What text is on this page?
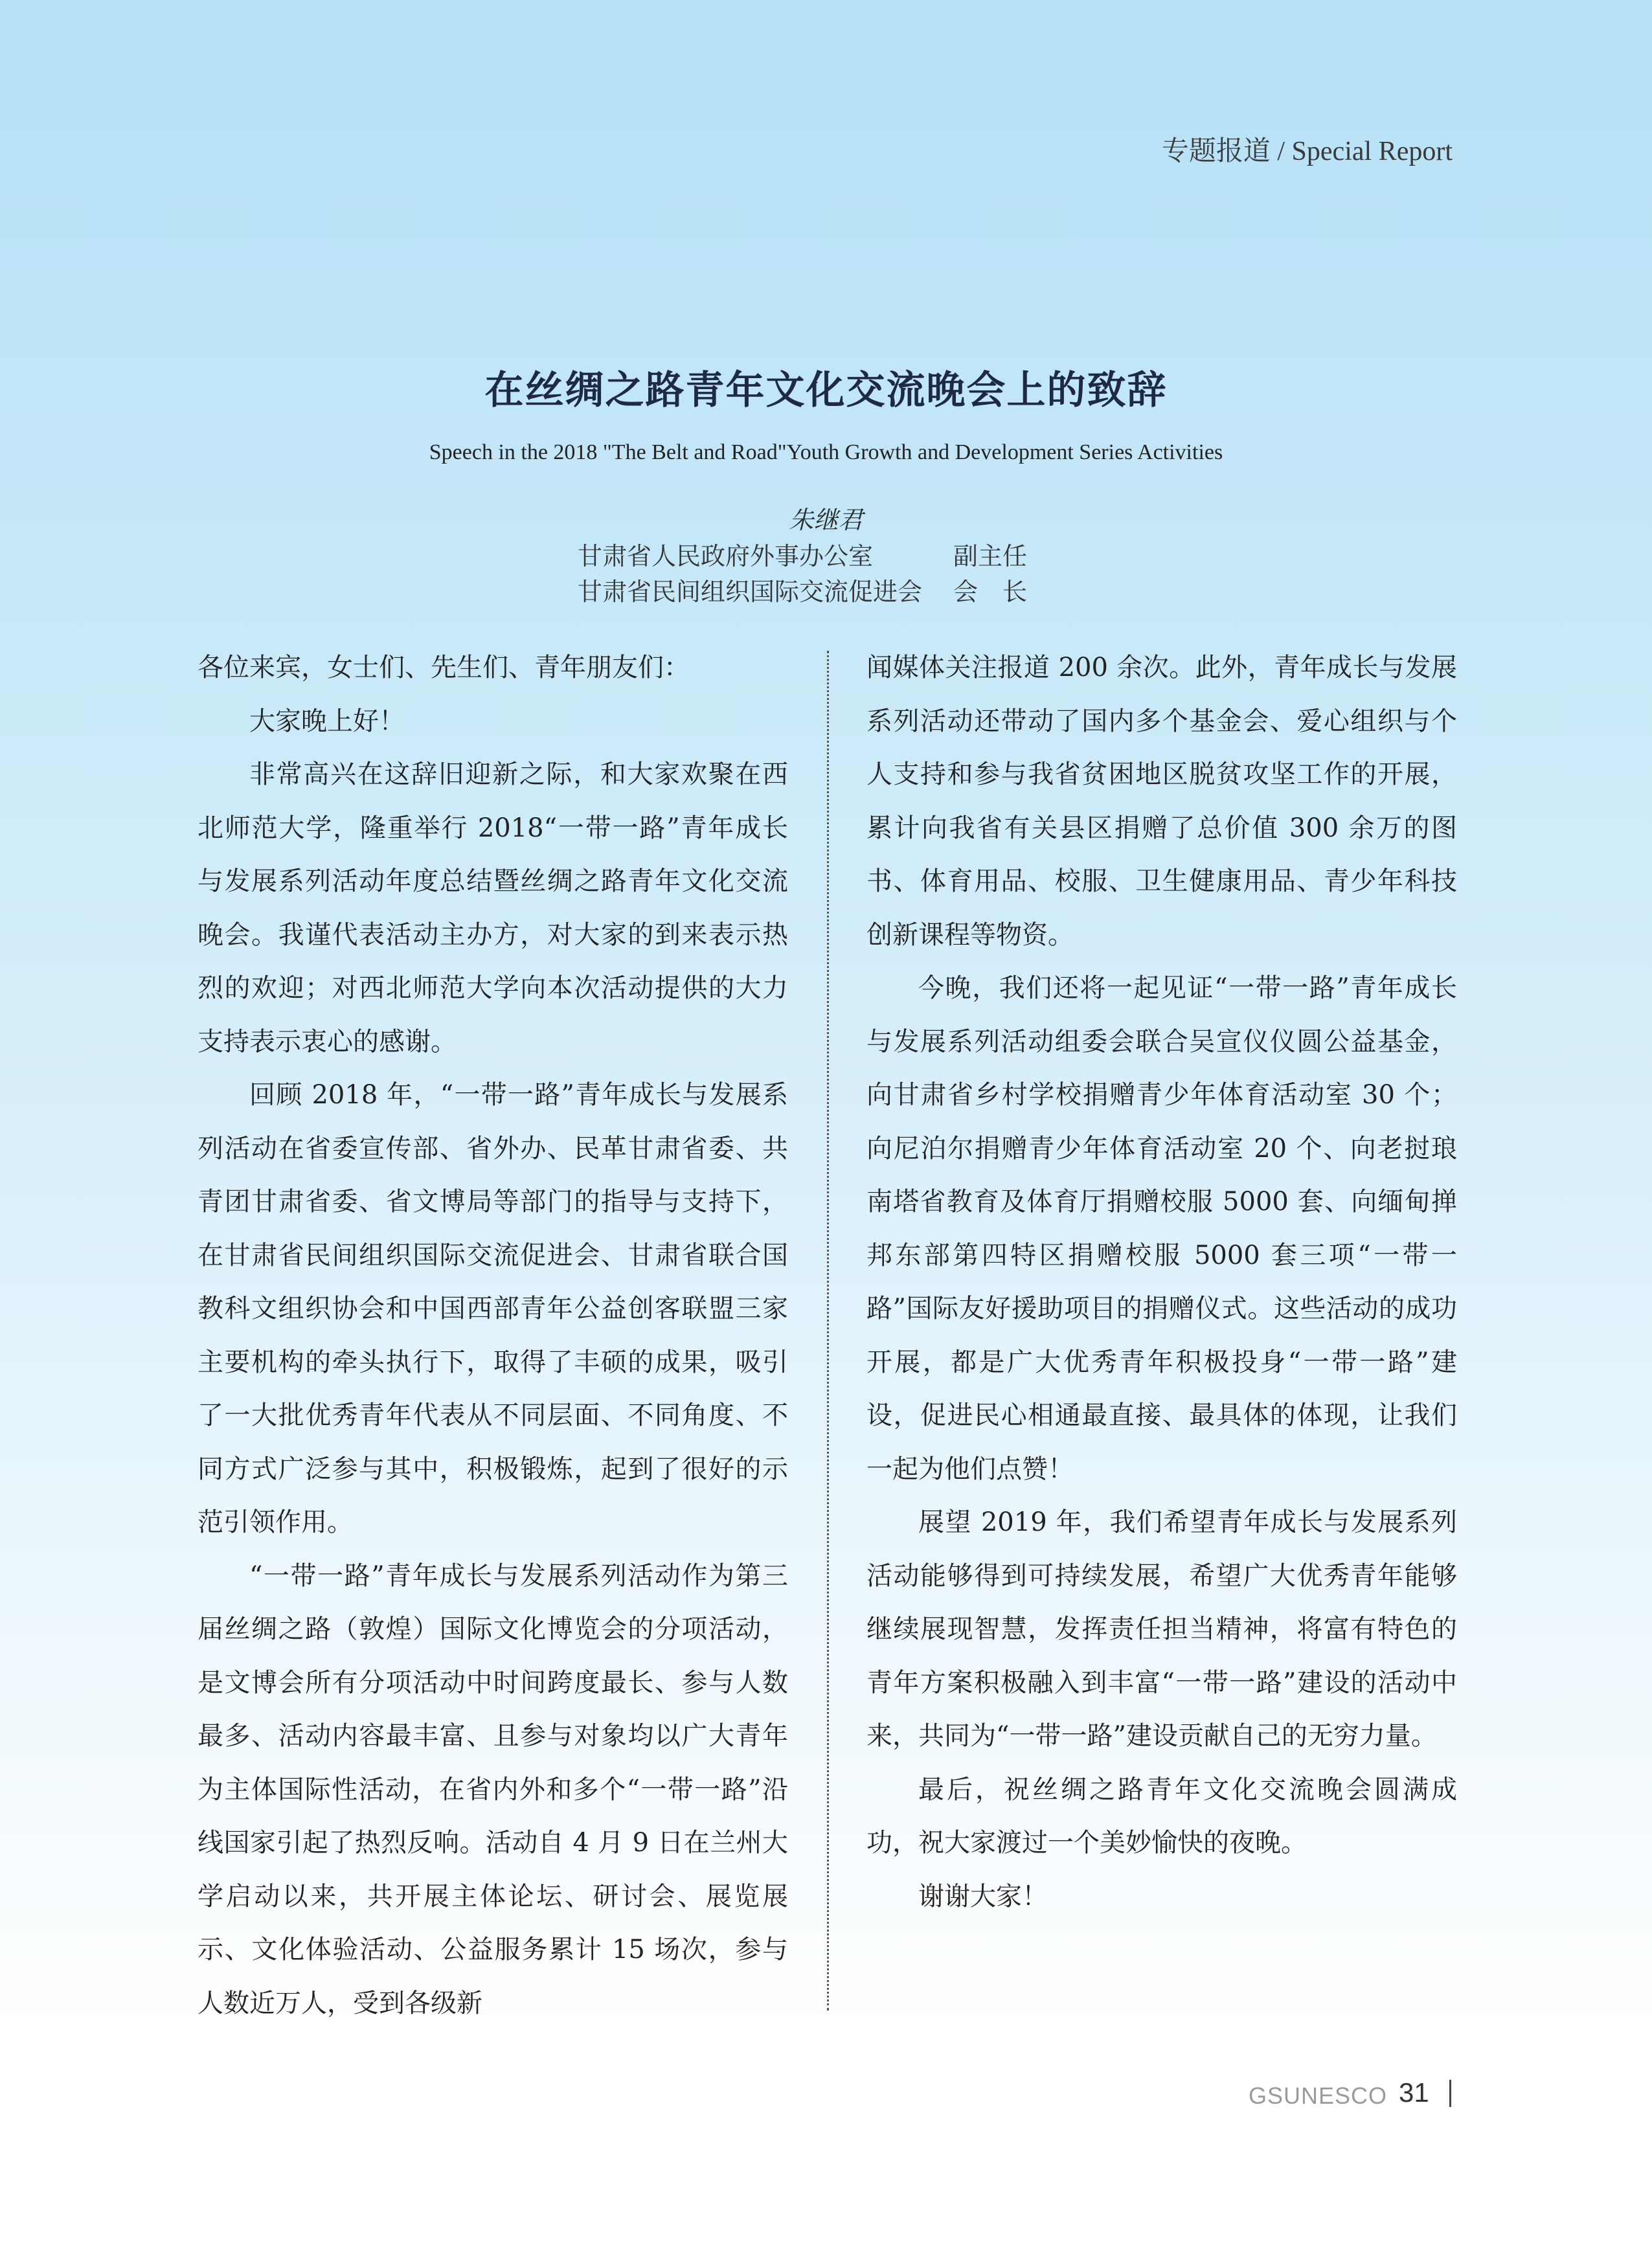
专题报道 / Special Report
在丝绸之路青年文化交流晚会上的致辞
Speech in the 2018 "The Belt and Road"Youth Growth and Development Series Activities
朱继君
甘肃省人民政府外事办公室	副主任
甘肃省民间组织国际交流促进会 会　长

各位来宾，女士们、先生们、青年朋友们：

大家晚上好！

非常高兴在这辞旧迎新之际，和大家欢聚在西北师范大学，隆重举行 2018“一带一路”青年成长与发展系列活动年度总结暨丝绸之路青年文化交流晚会。我谨代表活动主办方，对大家的到来表示热烈的欢迎；对西北师范大学向本次活动提供的大力支持表示衷心的感谢。

回顾 2018 年，“一带一路”青年成长与发展系列活动在省委宣传部、省外办、民革甘肃省委、共青团甘肃省委、省文博局等部门的指导与支持下，在甘肃省民间组织国际交流促进会、甘肃省联合国教科文组织协会和中国西部青年公益创客联盟三家主要机构的牵头执行下，取得了丰硕的成果，吸引了一大批优秀青年代表从不同层面、不同角度、不同方式广泛参与其中，积极锻炼，起到了很好的示范引领作用。

“一带一路”青年成长与发展系列活动作为第三届丝绸之路（敦煌）国际文化博览会的分项活动，是文博会所有分项活动中时间跨度最长、参与人数最多、活动内容最丰富、且参与对象均以广大青年为主体国际性活动，在省内外和多个“一带一路”沿线国家引起了热烈反响。活动自 4 月 9 日在兰州大学启动以来，共开展主体论坛、研讨会、展览展示、文化体验活动、公益服务累计 15 场次，参与人数近万人，受到各级新

闻媒体关注报道 200 余次。此外，青年成长与发展系列活动还带动了国内多个基金会、爱心组织与个人支持和参与我省贫困地区脱贫攻坚工作的开展，累计向我省有关县区捐赠了总价值 300 余万的图书、体育用品、校服、卫生健康用品、青少年科技创新课程等物资。

今晚，我们还将一起见证“一带一路”青年成长与发展系列活动组委会联合吴宣仪仪圆公益基金，向甘肃省乡村学校捐赠青少年体育活动室 30 个；向尼泊尔捐赠青少年体育活动室 20 个、向老挝琅南塔省教育及体育厅捐赠校服 5000 套、向缅甸掸邦东部第四特区捐赠校服 5000 套三项“一带一路”国际友好援助项目的捐赠仪式。这些活动的成功开展，都是广大优秀青年积极投身“一带一路”建设，促进民心相通最直接、最具体的体现，让我们一起为他们点赞！

展望 2019 年，我们希望青年成长与发展系列活动能够得到可持续发展，希望广大优秀青年能够继续展现智慧，发挥责任担当精神，将富有特色的青年方案积极融入到丰富“一带一路”建设的活动中来，共同为“一带一路”建设贡献自己的无穷力量。

最后，祝丝绸之路青年文化交流晚会圆满成功，祝大家渡过一个美妙愉快的夜晚。

谢谢大家！

GSUNESCO 31
